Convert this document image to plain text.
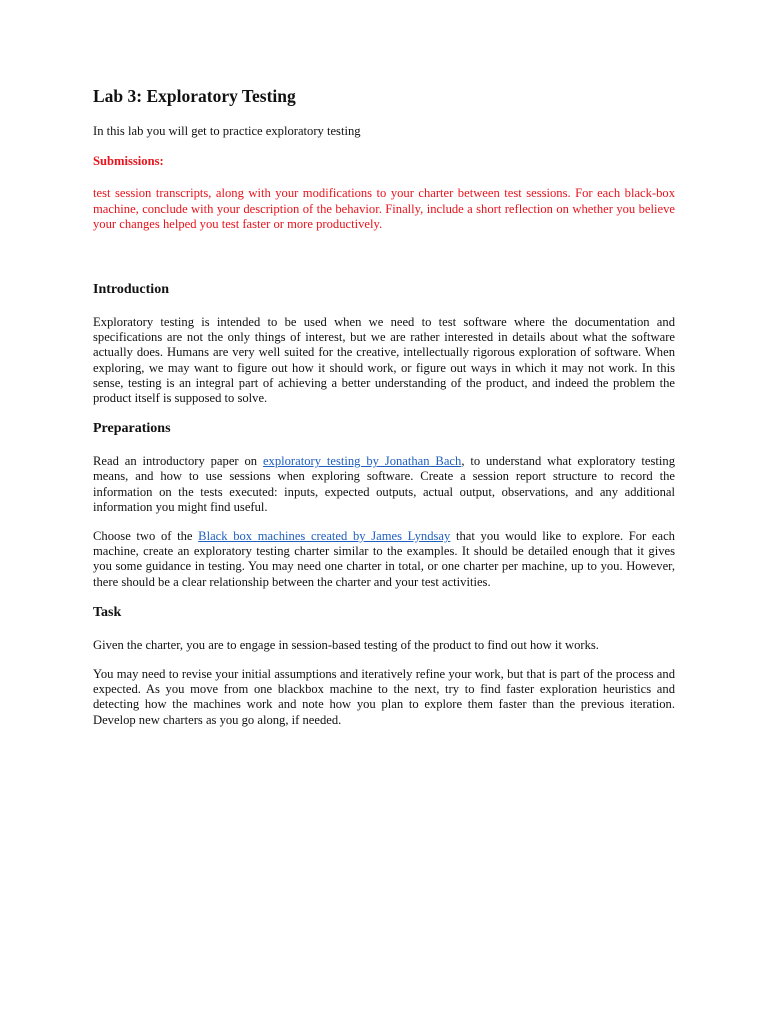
Lab 3: Exploratory Testing
In this lab you will get to practice exploratory testing
Submissions:
test session transcripts, along with your modifications to your charter between test sessions. For each black-box machine, conclude with your description of the behavior. Finally, include a short reflection on whether you believe your changes helped you test faster or more productively.
Introduction

Exploratory testing is intended to be used when we need to test software where the documentation and specifications are not the only things of interest, but we are rather interested in details about what the software actually does. Humans are very well suited for the creative, intellectually rigorous exploration of software. When exploring, we may want to figure out how it should work, or figure out ways in which it may not work. In this sense, testing is an integral part of achieving a better understanding of the product, and indeed the problem the product itself is supposed to solve.

Preparations

Read an introductory paper on exploratory testing by Jonathan Bach, to understand what exploratory testing means, and how to use sessions when exploring software. Create a session report structure to record the information on the tests executed: inputs, expected outputs, actual output, observations, and any additional information you might find useful.

Choose two of the Black box machines created by James Lyndsay that you would like to explore. For each machine, create an exploratory testing charter similar to the examples. It should be detailed enough that it gives you some guidance in testing. You may need one charter in total, or one charter per machine, up to you. However, there should be a clear relationship between the charter and your test activities.

Task

Given the charter, you are to engage in session-based testing of the product to find out how it works.

You may need to revise your initial assumptions and iteratively refine your work, but that is part of the process and expected. As you move from one blackbox machine to the next, try to find faster exploration heuristics and detecting how the machines work and note how you plan to explore them faster than the previous iteration. Develop new charters as you go along, if needed.
